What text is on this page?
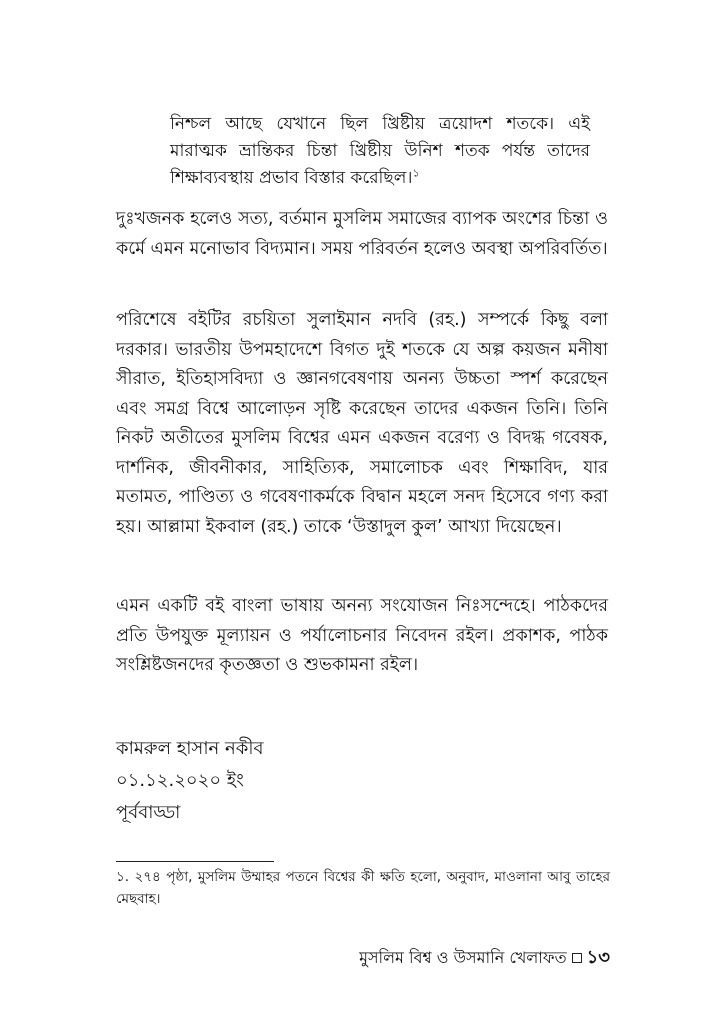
নিশ্চল আছে যেখানে ছিল খ্রিষ্টীয় ত্রয়োদশ শতকে। এই মারাত্মক ভ্রান্তিকর চিন্তা খ্রিষ্টীয় উনিশ শতক পর্যন্ত তাদের শিক্ষাব্যবস্থায় প্রভাব বিস্তার করেছিল।$^১$

দুঃখজনক হলেও সত্য, বর্তমান মুসলিম সমাজের ব্যাপক অংশের চিন্তা ও কর্মে এমন মনোভাব বিদ্যমান। সময় পরিবর্তন হলেও অবস্থা অপরিবর্তিত।

পরিশেষে বইটির রচয়িতা সুলাইমান নদবি (রহ.) সম্পর্কে কিছু বলা দরকার। ভারতীয় উপমহাদেশে বিগত দুই শতকে যে অল্প কয়জন মনীষা সীরাত, ইতিহাসবিদ্যা ও জ্ঞানগবেষণায় অনন্য উচ্চতা স্পর্শ করেছেন এবং সমগ্র বিশ্বে আলোড়ন সৃষ্টি করেছেন তাদের একজন তিনি। তিনি নিকট অতীতের মুসলিম বিশ্বের এমন একজন বরেণ্য ও বিদগ্ধ গবেষক, দার্শনিক, জীবনীকার, সাহিত্যিক, সমালোচক এবং শিক্ষাবিদ, যার মতামত, পাণ্ডিত্য ও গবেষণাকর্মকে বিদ্বান মহলে সনদ হিসেবে গণ্য করা হয়। আল্লামা ইকবাল (রহ.) তাকে ‘উস্তাদুল কুল’ আখ্যা দিয়েছেন।

এমন একটি বই বাংলা ভাষায় অনন্য সংযোজন নিঃসন্দেহে। পাঠকদের প্রতি উপযুক্ত মূল্যায়ন ও পর্যালোচনার নিবেদন রইল। প্রকাশক, পাঠক সংশ্লিষ্টজনদের কৃতজ্ঞতা ও শুভকামনা রইল।

কামরুল হাসান নকীব
০১.১২.২০২০ ইং
পূর্ববাড্ডা
১. ২৭৪ পৃষ্ঠা, মুসলিম উম্মাহর পতনে বিশ্বের কী ক্ষতি হলো, অনুবাদ, মাওলানা আবু তাহের মেছবাহ।
মুসলিম বিশ্ব ও উসমানি খেলাফত ১৩
